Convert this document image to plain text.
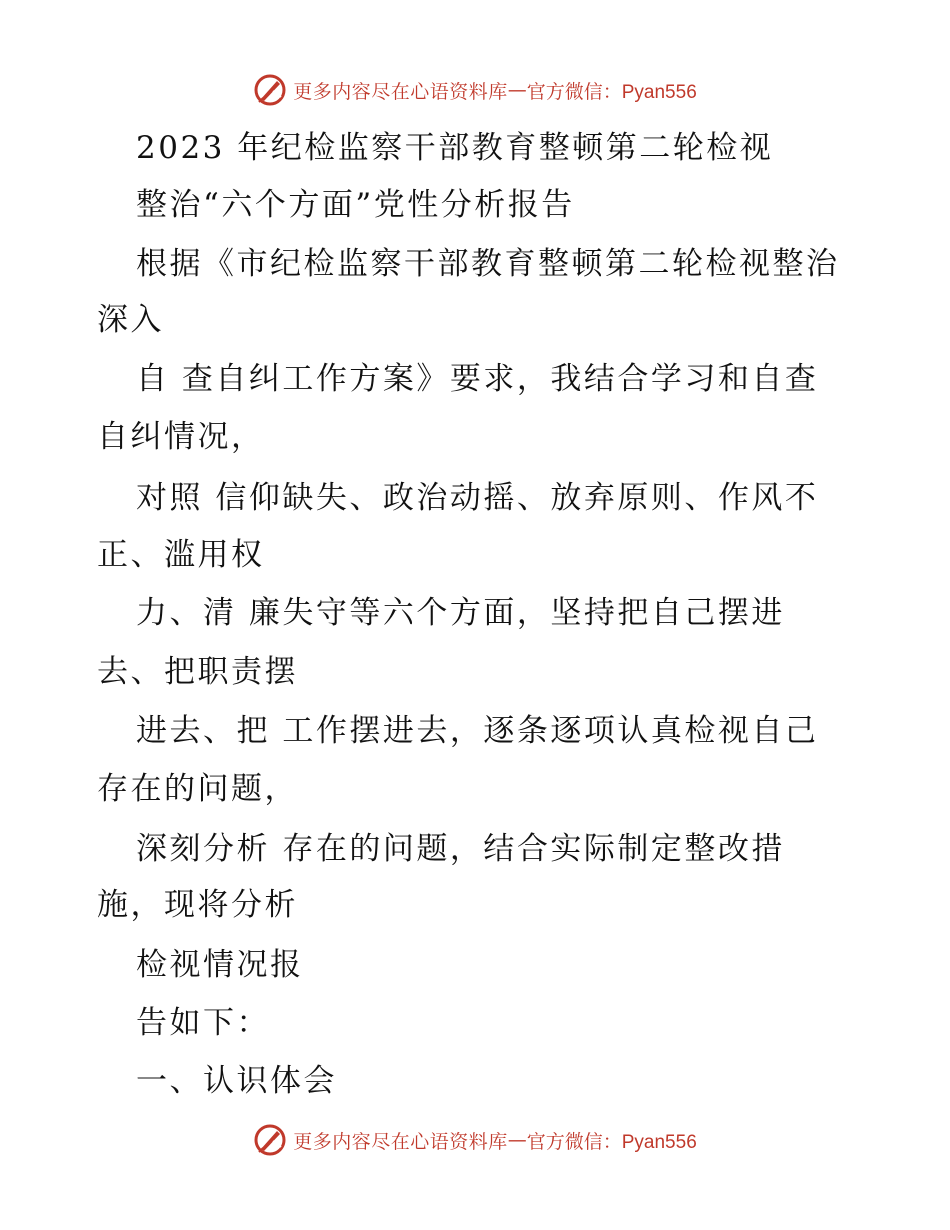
更多内容尽在心语资料库 — 官方微信：Pyan556
2023 年纪检监察干部教育整顿第二轮检视
整治“六个方面”党性分析报告
根据《市纪检监察干部教育整顿第二轮检视整治
深入
自 查自纠工作方案》要求，我结合学习和自查
自纠情况，
对照 信仰缺失、政治动摇、放弃原则、作风不
正、滥用权
力、清 廉失守等六个方面，坚持把自己摆进
去、把职责摆
进去、把 工作摆进去，逐条逐项认真检视自己
存在的问题，
深刻分析 存在的问题，结合实际制定整改措
施，现将分析
检视情况报
告如下：
一、认识体会
更多内容尽在心语资料库 — 官方微信：Pyan556
